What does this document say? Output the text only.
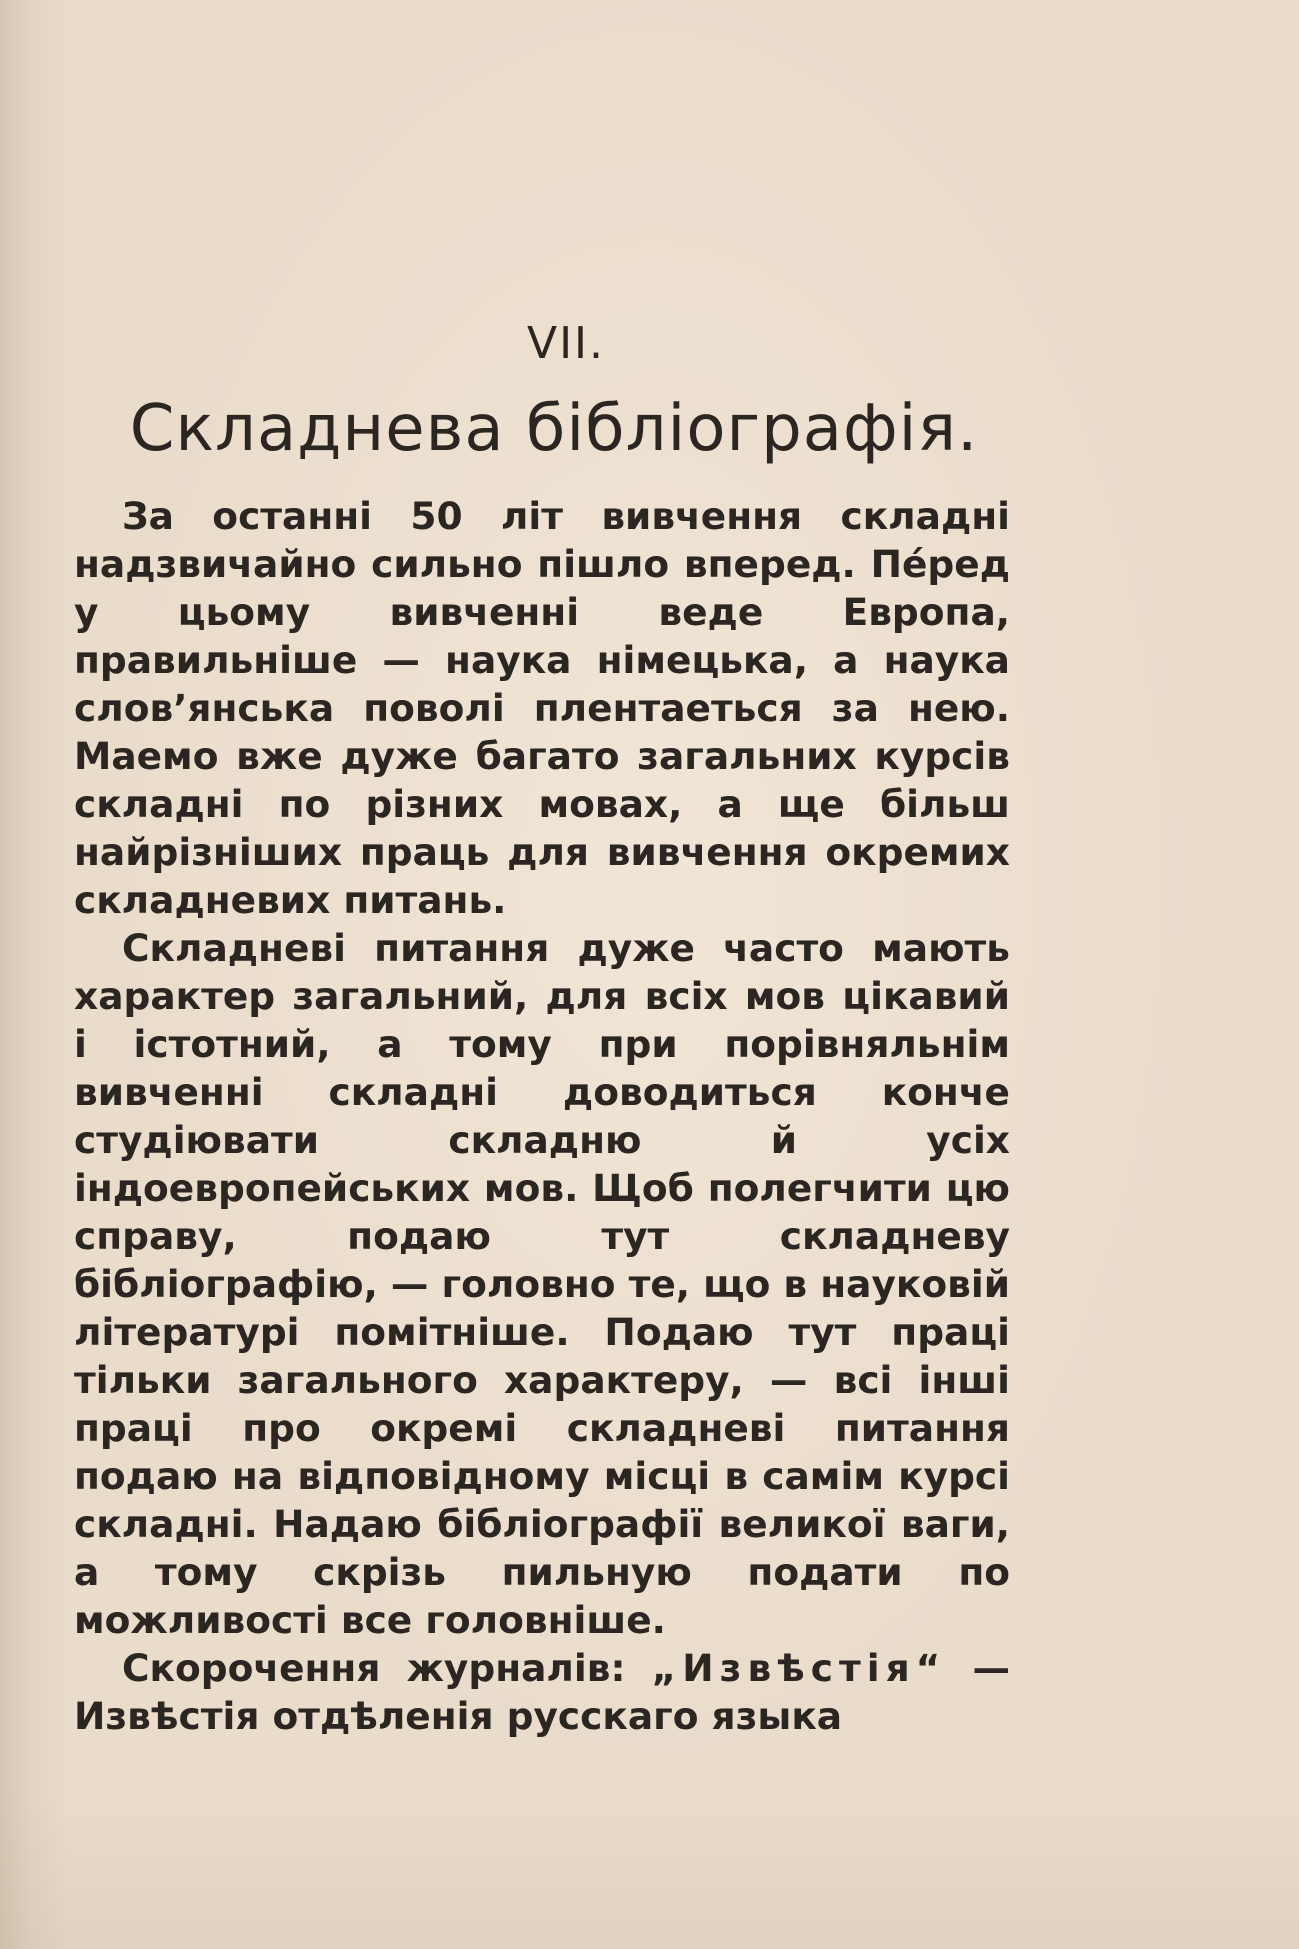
VII.
Складнева бібліографія.

За останні 50 літ вивчення складні надзвичайно сильно пішло вперед. Пе́ред у цьому вивченні веде Европа, правильніше — наука німецька, а наука слов’янська поволі плентаеться за нею. Маемо вже дуже багато загальних курсів складні по різних мовах, а ще більш найрізніших праць для вивчення окремих складневих питань.

Складневі питання дуже часто мають характер загальний, для всіх мов цікавий і істотний, а тому при порівняльнім вивченні складні доводиться конче студіювати складню й усіх індоевропейських мов. Щоб полегчити цю справу, подаю тут складневу бібліографію, — головно те, що в науковій літературі помітніше. Подаю тут праці тільки загального характеру, — всі інші праці про окремі складневі питання подаю на відповідному місці в самім курсі складні. Надаю бібліографії великої ваги, а тому скрізь пильную подати по можливості все головніше.

Скорочення журналів: „Извѣстія“ — Извѣстія отдѣленія русскаго языка
